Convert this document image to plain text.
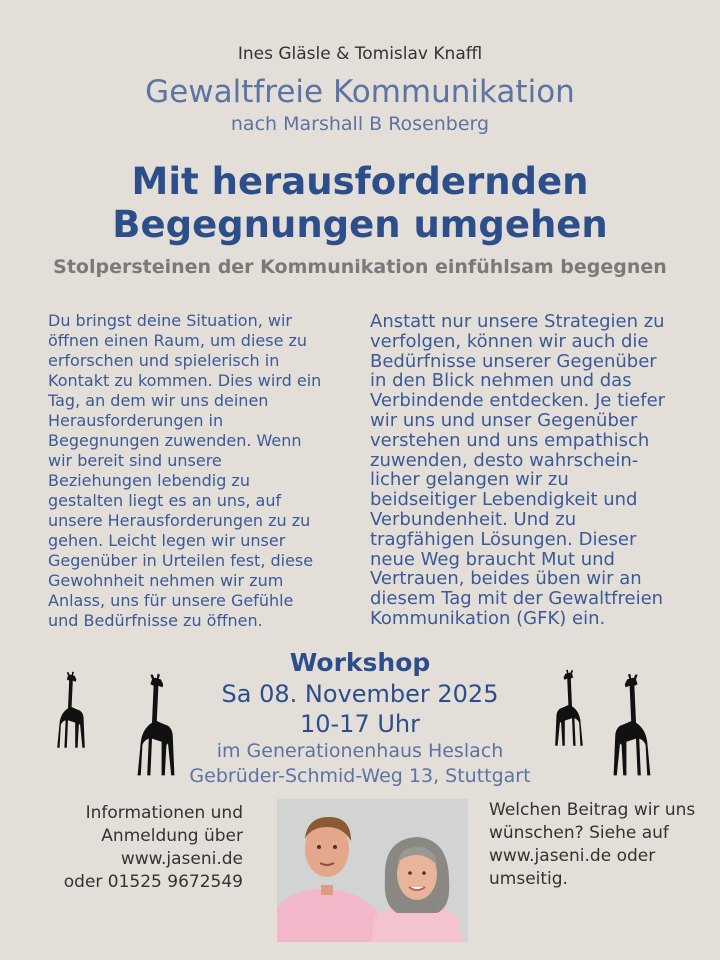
Ines Gläsle & Tomislav Knaffl
Gewaltfreie Kommunikation
nach Marshall B Rosenberg
Mit herausfordernden
Begegnungen umgehen
Stolpersteinen der Kommunikation einfühlsam begegnen
Du bringst deine Situation, wir
öffnen einen Raum, um diese zu
erforschen und spielerisch in
Kontakt zu kommen. Dies wird ein
Tag, an dem wir uns deinen
Herausforderungen in
Begegnungen zuwenden. Wenn
wir bereit sind unsere
Beziehungen lebendig zu
gestalten liegt es an uns, auf
unsere Herausforderungen zu zu
gehen. Leicht legen wir unser
Gegenüber in Urteilen fest, diese
Gewohnheit nehmen wir zum
Anlass, uns für unsere Gefühle
und Bedürfnisse zu öffnen.
Anstatt nur unsere Strategien zu
verfolgen, können wir auch die
Bedürfnisse unserer Gegenüber
in den Blick nehmen und das
Verbindende entdecken. Je tiefer
wir uns und unser Gegenüber
verstehen und uns empathisch
zuwenden, desto wahrschein-
licher gelangen wir zu
beidseitiger Lebendigkeit und
Verbundenheit. Und zu
tragfähigen Lösungen. Dieser
neue Weg braucht Mut und
Vertrauen, beides üben wir an
diesem Tag mit der Gewaltfreien
Kommunikation (GFK) ein.
Workshop
Sa 08. November 2025
10-17 Uhr
im Generationenhaus Heslach
Gebrüder-Schmid-Weg 13, Stuttgart
Informationen und
Anmeldung über
www.jaseni.de
oder 01525 9672549
Welchen Beitrag wir uns
wünschen? Siehe auf
www.jaseni.de oder
umseitig.
